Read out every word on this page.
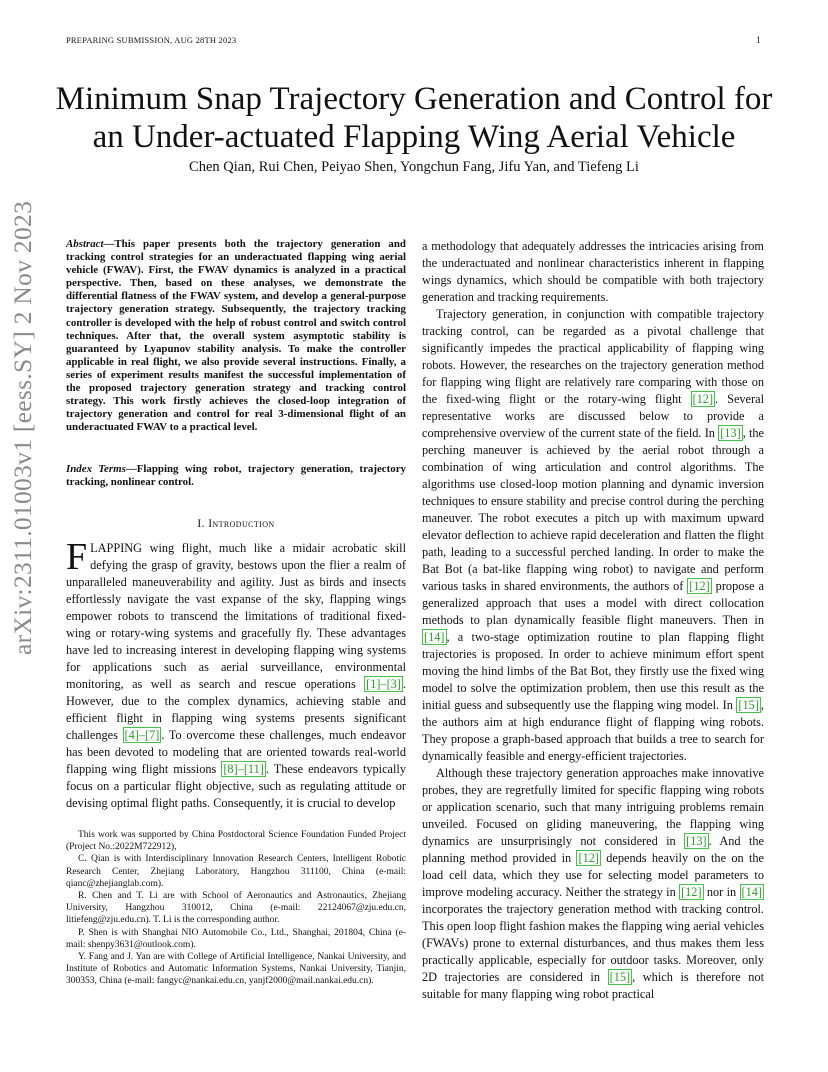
PREPARING SUBMISSION, AUG 28TH 2023	1
Minimum Snap Trajectory Generation and Control for an Under-actuated Flapping Wing Aerial Vehicle
Chen Qian, Rui Chen, Peiyao Shen, Yongchun Fang, Jifu Yan, and Tiefeng Li
arXiv:2311.01003v1 [eess.SY] 2 Nov 2023	Abstract—This paper presents both the trajectory generation and tracking control strategies for an underactuated flapping wing aerial vehicle (FWAV). First, the FWAV dynamics is analyzed in a practical perspective. Then, based on these analyses, we demonstrate the differential flatness of the FWAV system, and develop a general-purpose trajectory generation strategy. Subsequently, the trajectory tracking controller is developed with the help of robust control and switch control techniques. After that, the overall system asymptotic stability is guaranteed by Lyapunov stability analysis. To make the controller applicable in real flight, we also provide several instructions. Finally, a series of experiment results manifest the successful implementation of the proposed trajectory generation strategy and tracking control strategy. This work firstly achieves the closed-loop integration of trajectory generation and control for real 3-dimensional flight of an underactuated FWAV to a practical level.
Index Terms—Flapping wing robot, trajectory generation, trajectory tracking, nonlinear control.
I. Introduction
FLAPPING wing flight, much like a midair acrobatic skill defying the grasp of gravity, bestows upon the flier a realm of unparalleled maneuverability and agility. Just as birds and insects effortlessly navigate the vast expanse of the sky, flapping wings empower robots to transcend the limitations of traditional fixed-wing or rotary-wing systems and gracefully fly. These advantages have led to increasing interest in developing flapping wing systems for applications such as aerial surveillance, environmental monitoring, as well as search and rescue operations [1]–[3] . However, due to the complex dynamics, achieving stable and efficient flight in flapping wing systems presents significant challenges [4]–[7] . To overcome these challenges, much endeavor has been devoted to modeling that are oriented towards real-world flapping wing flight missions [8]–[11] . These endeavors typically focus on a particular flight objective, such as regulating attitude or devising optimal flight paths. Consequently, it is crucial to develop

This work was supported by China Postdoctoral Science Foundation Funded Project (Project No.:2022M722912),

C. Qian is with Interdisciplinary Innovation Research Centers, Intelligent Robotic Research Center, Zhejiang Laboratory, Hangzhou 311100, China (e-mail: qianc@zhejianglab.com).

R. Chen and T. Li are with School of Aeronautics and Astronautics, Zhejiang University, Hangzhou 310012, China (e-mail: 22124067@zju.edu.cn, litiefeng@zju.edu.cn). T. Li is the corresponding author.

P. Shen is with Shanghai NIO Automobile Co., Ltd., Shanghai, 201804, China (e-mail: shenpy3631@outlook.com).

Y. Fang and J. Yan are with College of Artificial Intelligence, Nankai University, and Institute of Robotics and Automatic Information Systems, Nankai University, Tianjin, 300353, China (e-mail: fangyc@nankai.edu.cn, yanjf2000@mail.nankai.edu.cn).

a methodology that adequately addresses the intricacies arising from the underactuated and nonlinear characteristics inherent in flapping wings dynamics, which should be compatible with both trajectory generation and tracking requirements.

Trajectory generation, in conjunction with compatible trajectory tracking control, can be regarded as a pivotal challenge that significantly impedes the practical applicability of flapping wing robots. However, the researches on the trajectory generation method for flapping wing flight are relatively rare comparing with those on the fixed-wing flight or the rotary-wing flight [12] . Several representative works are discussed below to provide a comprehensive overview of the current state of the field. In [13] , the perching maneuver is achieved by the aerial robot through a combination of wing articulation and control algorithms. The algorithms use closed-loop motion planning and dynamic inversion techniques to ensure stability and precise control during the perching maneuver. The robot executes a pitch up with maximum upward elevator deflection to achieve rapid deceleration and flatten the flight path, leading to a successful perched landing. In order to make the Bat Bot (a bat-like flapping wing robot) to navigate and perform various tasks in shared environments, the authors of [12] propose a generalized approach that uses a model with direct collocation methods to plan dynamically feasible flight maneuvers. Then in [14] , a two-stage optimization routine to plan flapping flight trajectories is proposed. In order to achieve minimum effort spent moving the hind limbs of the Bat Bot, they firstly use the fixed wing model to solve the optimization problem, then use this result as the initial guess and subsequently use the flapping wing model. In [15] , the authors aim at high endurance flight of flapping wing robots. They propose a graph-based approach that builds a tree to search for dynamically feasible and energy-efficient trajectories.

Although these trajectory generation approaches make innovative probes, they are regretfully limited for specific flapping wing robots or application scenario, such that many intriguing problems remain unveiled. Focused on gliding maneuvering, the flapping wing dynamics are unsurprisingly not considered in [13] . And the planning method provided in [12] depends heavily on the on the load cell data, which they use for selecting model parameters to improve modeling accuracy. Neither the strategy in [12] nor in [14] incorporates the trajectory generation method with tracking control. This open loop flight fashion makes the flapping wing aerial vehicles (FWAVs) prone to external disturbances, and thus makes them less practically applicable, especially for outdoor tasks. Moreover, only 2D trajectories are considered in [15] , which is therefore not suitable for many flapping wing robot practical
